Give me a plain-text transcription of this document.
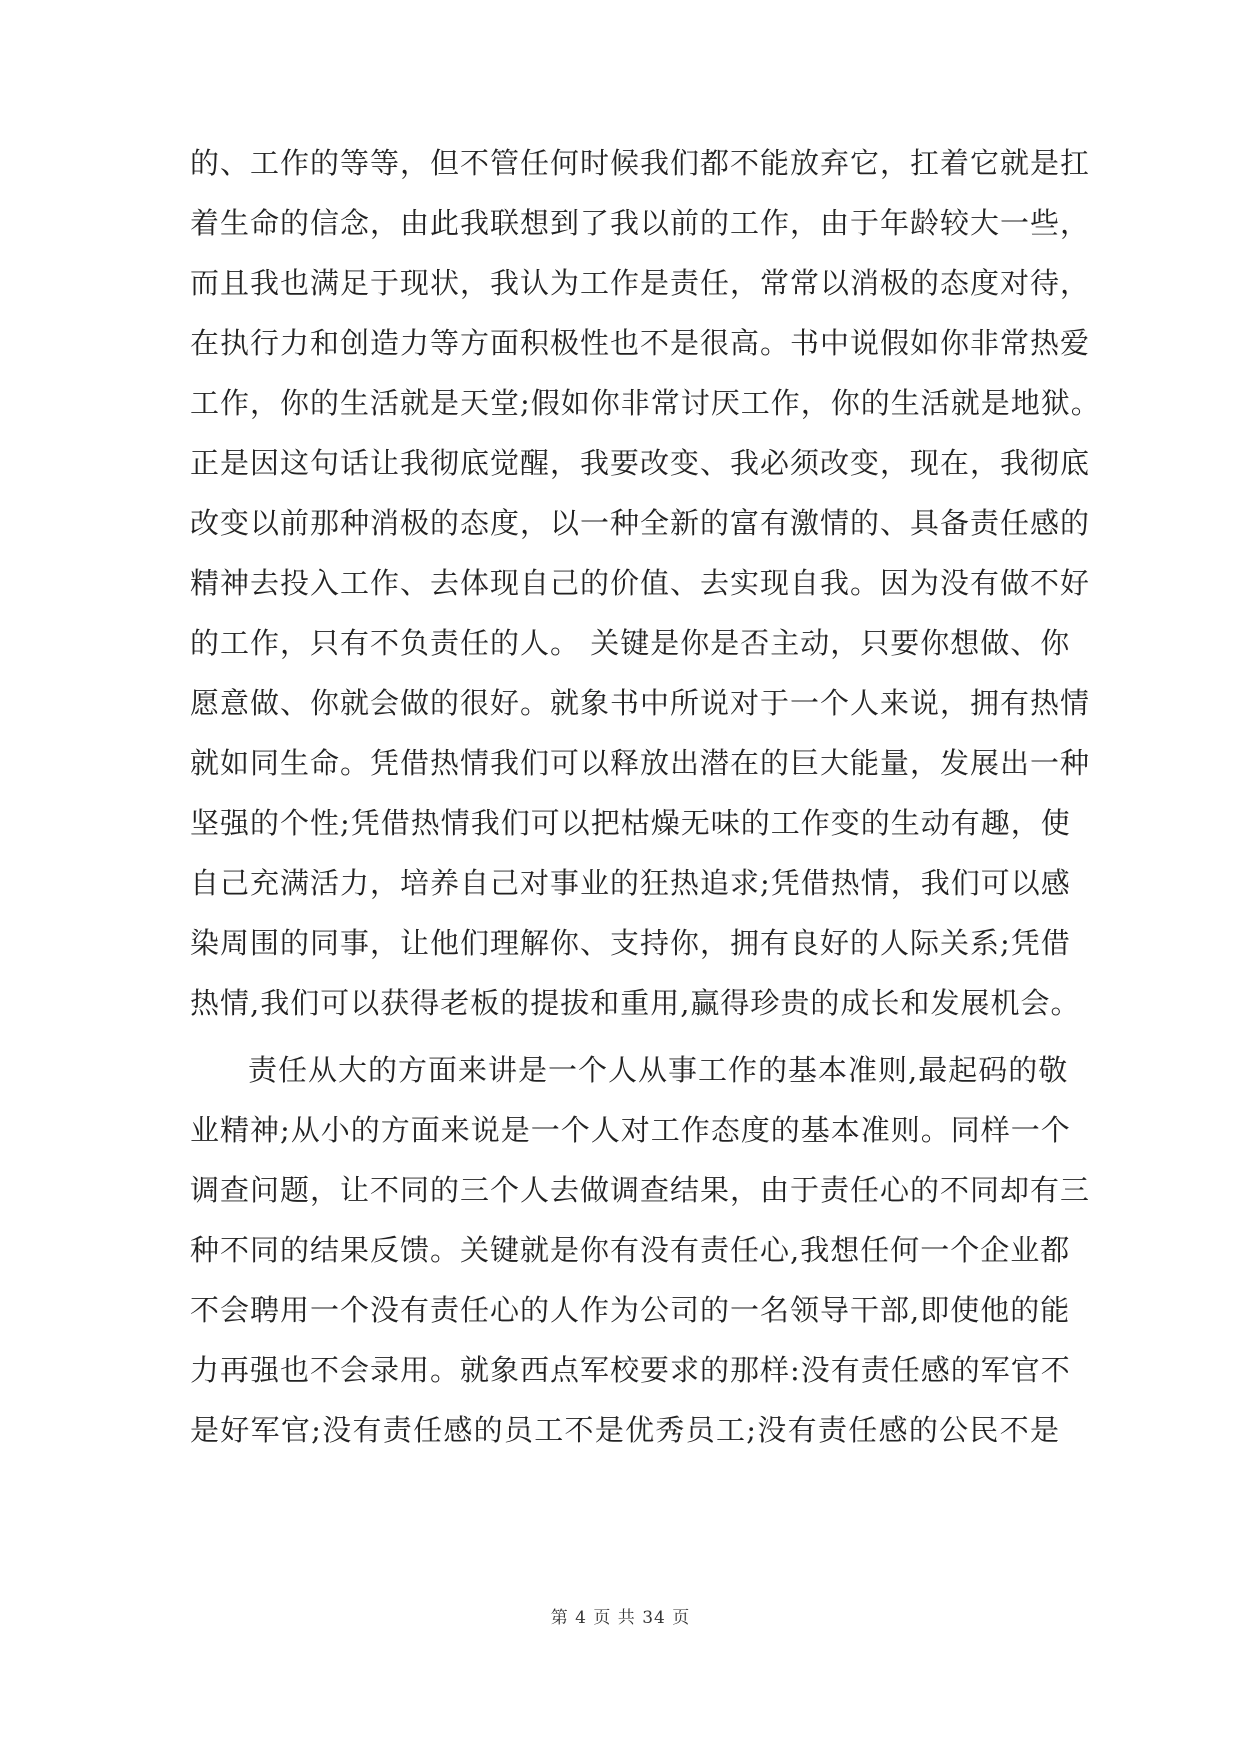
的、工作的等等，但不管任何时候我们都不能放弃它，扛着它就是扛
着生命的信念，由此我联想到了我以前的工作，由于年龄较大一些，
而且我也满足于现状，我认为工作是责任，常常以消极的态度对待，
在执行力和创造力等方面积极性也不是很高。书中说假如你非常热爱
工作，你的生活就是天堂;假如你非常讨厌工作，你的生活就是地狱。
正是因这句话让我彻底觉醒，我要改变、我必须改变，现在，我彻底
改变以前那种消极的态度，以一种全新的富有激情的、具备责任感的
精神去投入工作、去体现自己的价值、去实现自我。因为没有做不好
的工作，只有不负责任的人。 关键是你是否主动，只要你想做、你
愿意做、你就会做的很好。就象书中所说对于一个人来说，拥有热情
就如同生命。凭借热情我们可以释放出潜在的巨大能量，发展出一种
坚强的个性;凭借热情我们可以把枯燥无味的工作变的生动有趣，使
自己充满活力，培养自己对事业的狂热追求;凭借热情，我们可以感
染周围的同事，让他们理解你、支持你，拥有良好的人际关系;凭借
热情,我们可以获得老板的提拔和重用,赢得珍贵的成长和发展机会。
责任从大的方面来讲是一个人从事工作的基本准则,最起码的敬
业精神;从小的方面来说是一个人对工作态度的基本准则。同样一个
调查问题，让不同的三个人去做调查结果，由于责任心的不同却有三
种不同的结果反馈。关键就是你有没有责任心,我想任何一个企业都
不会聘用一个没有责任心的人作为公司的一名领导干部,即使他的能
力再强也不会录用。就象西点军校要求的那样:没有责任感的军官不
是好军官;没有责任感的员工不是优秀员工;没有责任感的公民不是
第 4 页 共 34 页
